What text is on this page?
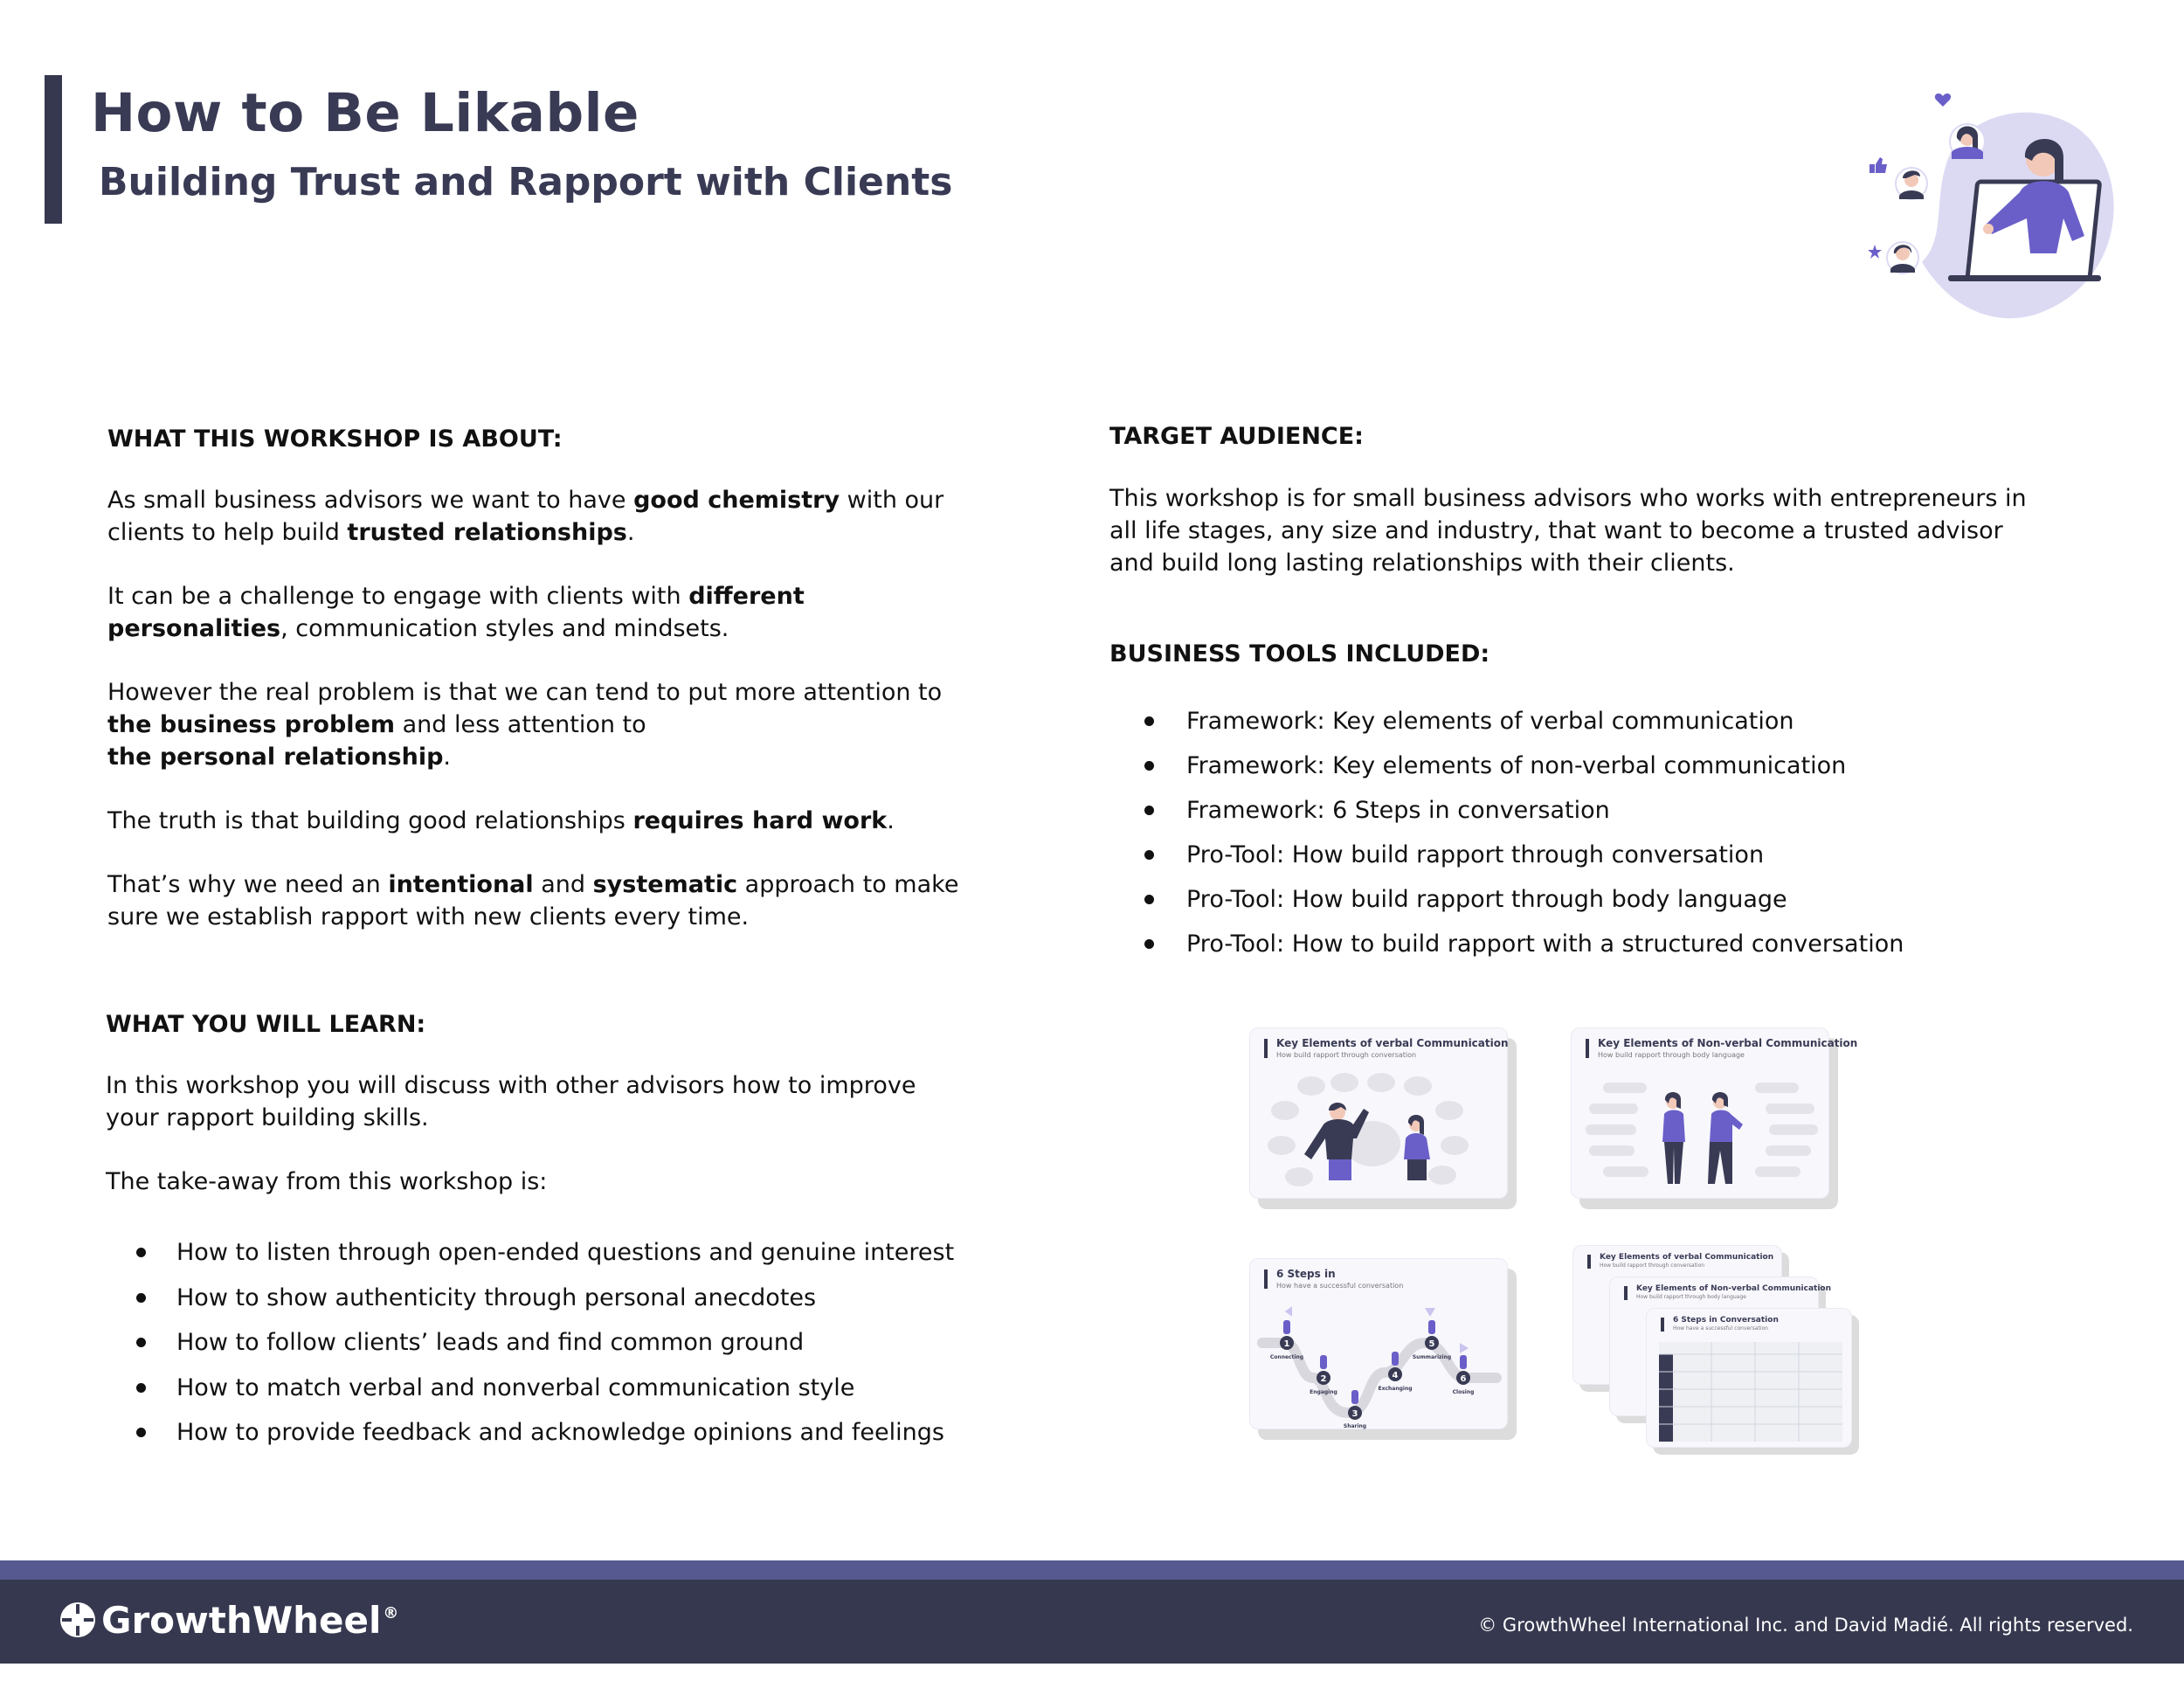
How to Be Likable
Building Trust and Rapport with Clients
WHAT THIS WORKSHOP IS ABOUT:

As small business advisors we want to have good chemistry with our clients to help build trusted relationships.

It can be a challenge to engage with clients with different personalities, communication styles and mindsets.

However the real problem is that we can tend to put more attention to the business problem and less attention to
the personal relationship.

The truth is that building good relationships requires hard work.

That’s why we need an intentional and systematic approach to make sure we establish rapport with new clients every time.

WHAT YOU WILL LEARN:

In this workshop you will discuss with other advisors how to improve your rapport building skills.

The take-away from this workshop is:

How to listen through open-ended questions and genuine interest
How to show authenticity through personal anecdotes
How to follow clients’ leads and find common ground
How to match verbal and nonverbal communication style
How to provide feedback and acknowledge opinions and feelings
TARGET AUDIENCE:

This workshop is for small business advisors who works with entrepreneurs in all life stages, any size and industry, that want to become a trusted advisor and build long lasting relationships with their clients.

BUSINESS TOOLS INCLUDED:
Framework: Key elements of verbal communication
Framework: Key elements of non-verbal communication
Framework: 6 Steps in conversation
Pro-Tool: How build rapport through conversation
Pro-Tool: How build rapport through body language
Pro-Tool: How to build rapport with a structured conversation
Key Elements of verbal Communication
How build rapport through conversation
Key Elements of Non-verbal Communication
How build rapport through body language
6 Steps in
How have a successful conversation
1
2
3
4
5
6
Connecting
Engaging
Sharing
Exchanging
Summarizing
Closing
Key Elements of verbal Communication
How build rapport through conversation
Key Elements of Non-verbal Communication
How build rapport through body language
6 Steps in Conversation
How have a successful conversation
GrowthWheel®
© GrowthWheel International Inc. and David Madié. All rights reserved.
